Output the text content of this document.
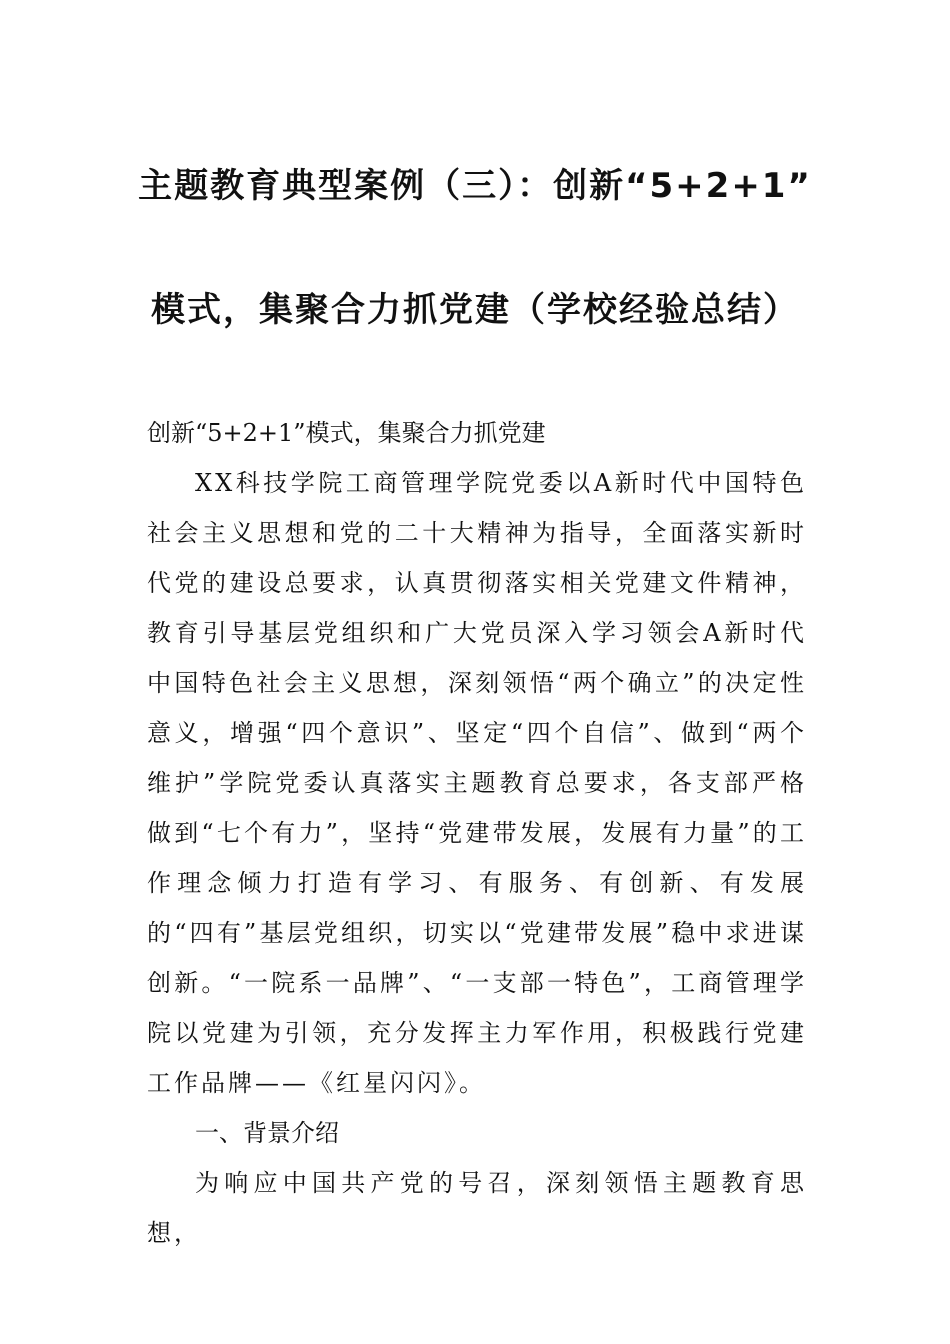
主题教育典型案例（三）：创新“5+2+1”
模式，集聚合力抓党建（学校经验总结）

创新“5+2+1”模式，集聚合力抓党建

XX科技学院工商管理学院党委以A新时代中国特色社会主义思想和党的二十大精神为指导，全面落实新时代党的建设总要求，认真贯彻落实相关党建文件精神，教育引导基层党组织和广大党员深入学习领会A新时代中国特色社会主义思想，深刻领悟“两个确立”的决定性意义，增强“四个意识”、坚定“四个自信”、做到“两个维护”学院党委认真落实主题教育总要求，各支部严格做到“七个有力”，坚持“党建带发展，发展有力量”的工作理念倾力打造有学习、有服务、有创新、有发展的“四有”基层党组织，切实以“党建带发展”稳中求进谋创新。“一院系一品牌”、“一支部一特色”，工商管理学院以党建为引领，充分发挥主力军作用，积极践行党建工作品牌——《红星闪闪》。

一、背景介绍

为响应中国共产党的号召，深刻领悟主题教育思想，
